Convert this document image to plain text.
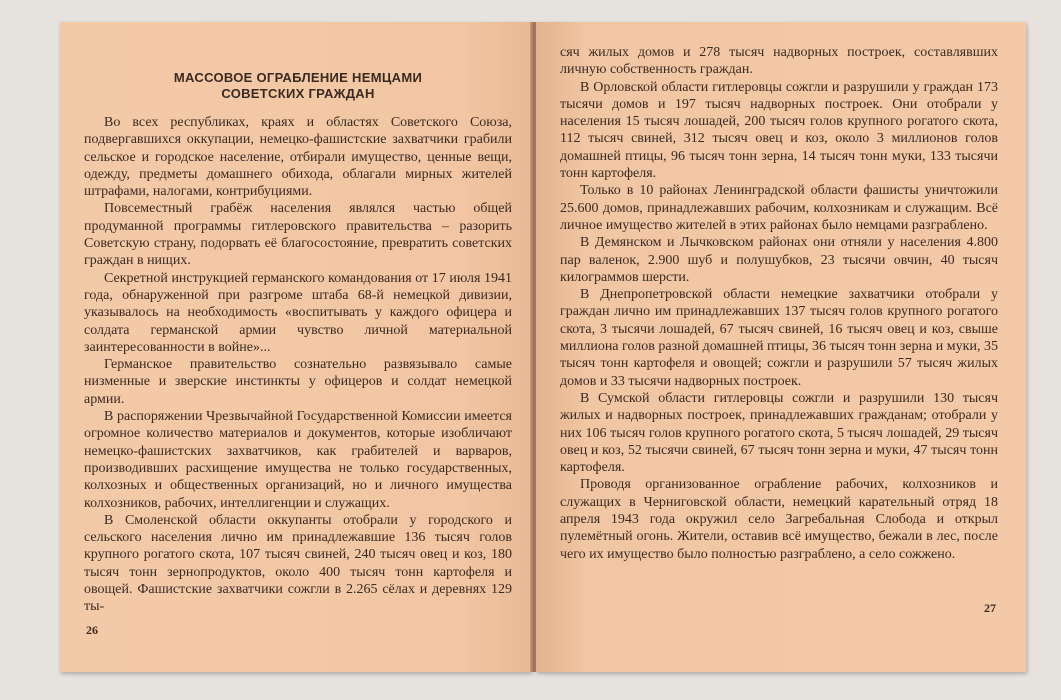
МАССОВОЕ ОГРАБЛЕНИЕ НЕМЦАМИ
СОВЕТСКИХ ГРАЖДАН

Во всех республиках, краях и областях Советского Союза, подвергавшихся оккупации, немецко-фашистские захватчики грабили сельское и городское население, отбирали имущество, ценные вещи, одежду, предметы домашнего обихода, облагали мирных жителей штрафами, налогами, контрибуциями.

Повсеместный грабёж населения являлся частью общей продуманной программы гитлеровского правительства – разорить Советскую страну, подорвать её благосостояние, превратить советских граждан в нищих.

Секретной инструкцией германского командования от 17 июля 1941 года, обнаруженной при разгроме штаба 68-й немецкой дивизии, указывалось на необходимость «воспитывать у каждого офицера и солдата германской армии чувство личной материальной заинтересованности в войне»...

Германское правительство сознательно развязывало самые низменные и зверские инстинкты у офицеров и солдат немецкой армии.

В распоряжении Чрезвычайной Государственной Комиссии имеется огромное количество материалов и документов, которые изобличают немецко-фашистских захватчиков, как грабителей и варваров, производивших расхищение имущества не только государственных, колхозных и общественных организаций, но и личного имущества колхозников, рабочих, интеллигенции и служащих.

В Смоленской области оккупанты отобрали у городского и сельского населения лично им принадлежавшие 136 тысяч голов крупного рогатого скота, 107 тысяч свиней, 240 тысяч овец и коз, 180 тысяч тонн зернопродуктов, около 400 тысяч тонн картофеля и овощей. Фашистские захватчики сожгли в 2.265 сёлах и деревнях 129 ты-

26

сяч жилых домов и 278 тысяч надворных построек, составлявших личную собственность граждан.

В Орловской области гитлеровцы сожгли и разрушили у граждан 173 тысячи домов и 197 тысяч надворных построек. Они отобрали у населения 15 тысяч лошадей, 200 тысяч голов крупного рогатого скота, 112 тысяч свиней, 312 тысяч овец и коз, около 3 миллионов голов домашней птицы, 96 тысяч тонн зерна, 14 тысяч тонн муки, 133 тысячи тонн картофеля.

Только в 10 районах Ленинградской области фашисты уничтожили 25.600 домов, принадлежавших рабочим, колхозникам и служащим. Всё личное имущество жителей в этих районах было немцами разграблено.

В Демянском и Лычковском районах они отняли у населения 4.800 пар валенок, 2.900 шуб и полушубков, 23 тысячи овчин, 40 тысяч килограммов шерсти.

В Днепропетровской области немецкие захватчики отобрали у граждан лично им принадлежавших 137 тысяч голов крупного рогатого скота, 3 тысячи лошадей, 67 тысяч свиней, 16 тысяч овец и коз, свыше миллиона голов разной домашней птицы, 36 тысяч тонн зерна и муки, 35 тысяч тонн картофеля и овощей; сожгли и разрушили 57 тысяч жилых домов и 33 тысячи надворных построек.

В Сумской области гитлеровцы сожгли и разрушили 130 тысяч жилых и надворных построек, принадлежавших гражданам; отобрали у них 106 тысяч голов крупного рогатого скота, 5 тысяч лошадей, 29 тысяч овец и коз, 52 тысячи свиней, 67 тысяч тонн зерна и муки, 47 тысяч тонн картофеля.

Проводя организованное ограбление рабочих, колхозников и служащих в Черниговской области, немецкий карательный отряд 18 апреля 1943 года окружил село Загребальная Слобода и открыл пулемётный огонь. Жители, оставив всё имущество, бежали в лес, после чего их имущество было полностью разграблено, а село сожжено.

27
